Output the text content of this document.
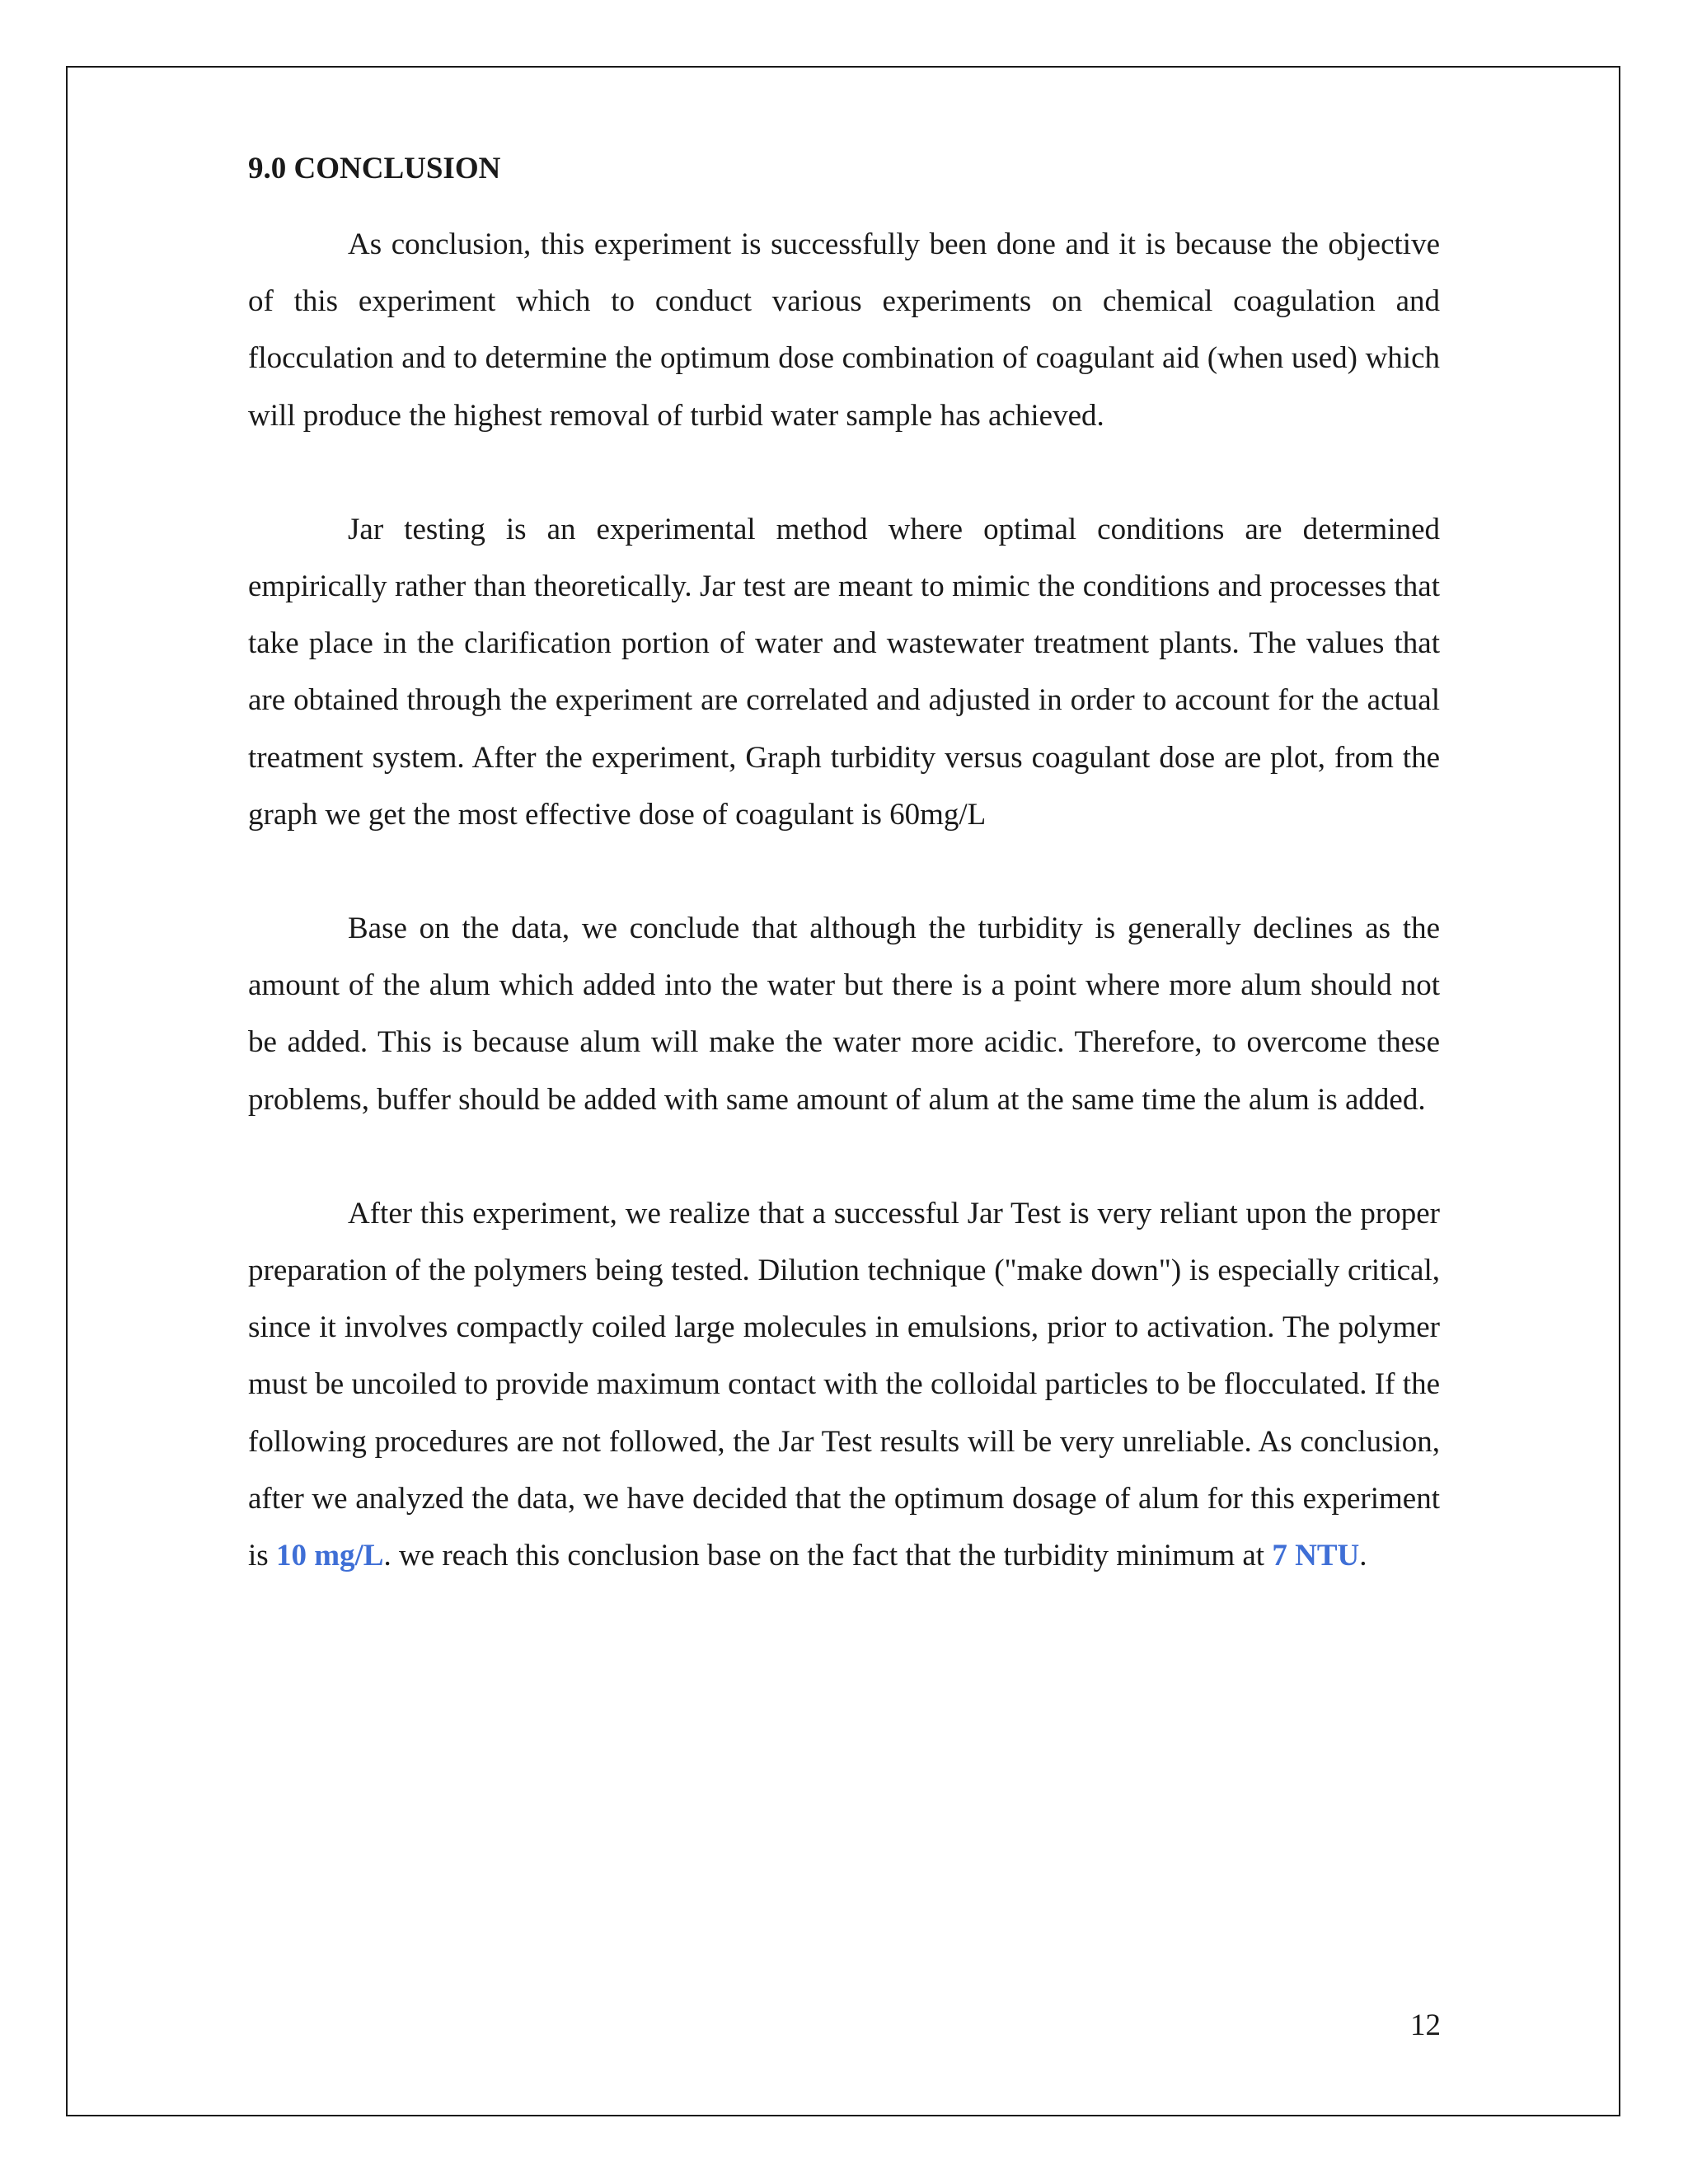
9.0 CONCLUSION

As conclusion, this experiment is successfully been done and it is because the objective of this experiment which to conduct various experiments on chemical coagulation and flocculation and to determine the optimum dose combination of coagulant aid (when used) which will produce the highest removal of turbid water sample has achieved.

Jar testing is an experimental method where optimal conditions are determined empirically rather than theoretically. Jar test are meant to mimic the conditions and processes that take place in the clarification portion of water and wastewater treatment plants. The values that are obtained through the experiment are correlated and adjusted in order to account for the actual treatment system. After the experiment, Graph turbidity versus coagulant dose are plot, from the graph we get the most effective dose of coagulant is 60mg/L

Base on the data, we conclude that although the turbidity is generally declines as the amount of the alum which added into the water but there is a point where more alum should not be added. This is because alum will make the water more acidic. Therefore, to overcome these problems, buffer should be added with same amount of alum at the same time the alum is added.

After this experiment, we realize that a successful Jar Test is very reliant upon the proper preparation of the polymers being tested. Dilution technique ("make down") is especially critical, since it involves compactly coiled large molecules in emulsions, prior to activation. The polymer must be uncoiled to provide maximum contact with the colloidal particles to be flocculated. If the following procedures are not followed, the Jar Test results will be very unreliable. As conclusion, after we analyzed the data, we have decided that the optimum dosage of alum for this experiment is 10 mg/L. we reach this conclusion base on the fact that the turbidity minimum at 7 NTU.

12
